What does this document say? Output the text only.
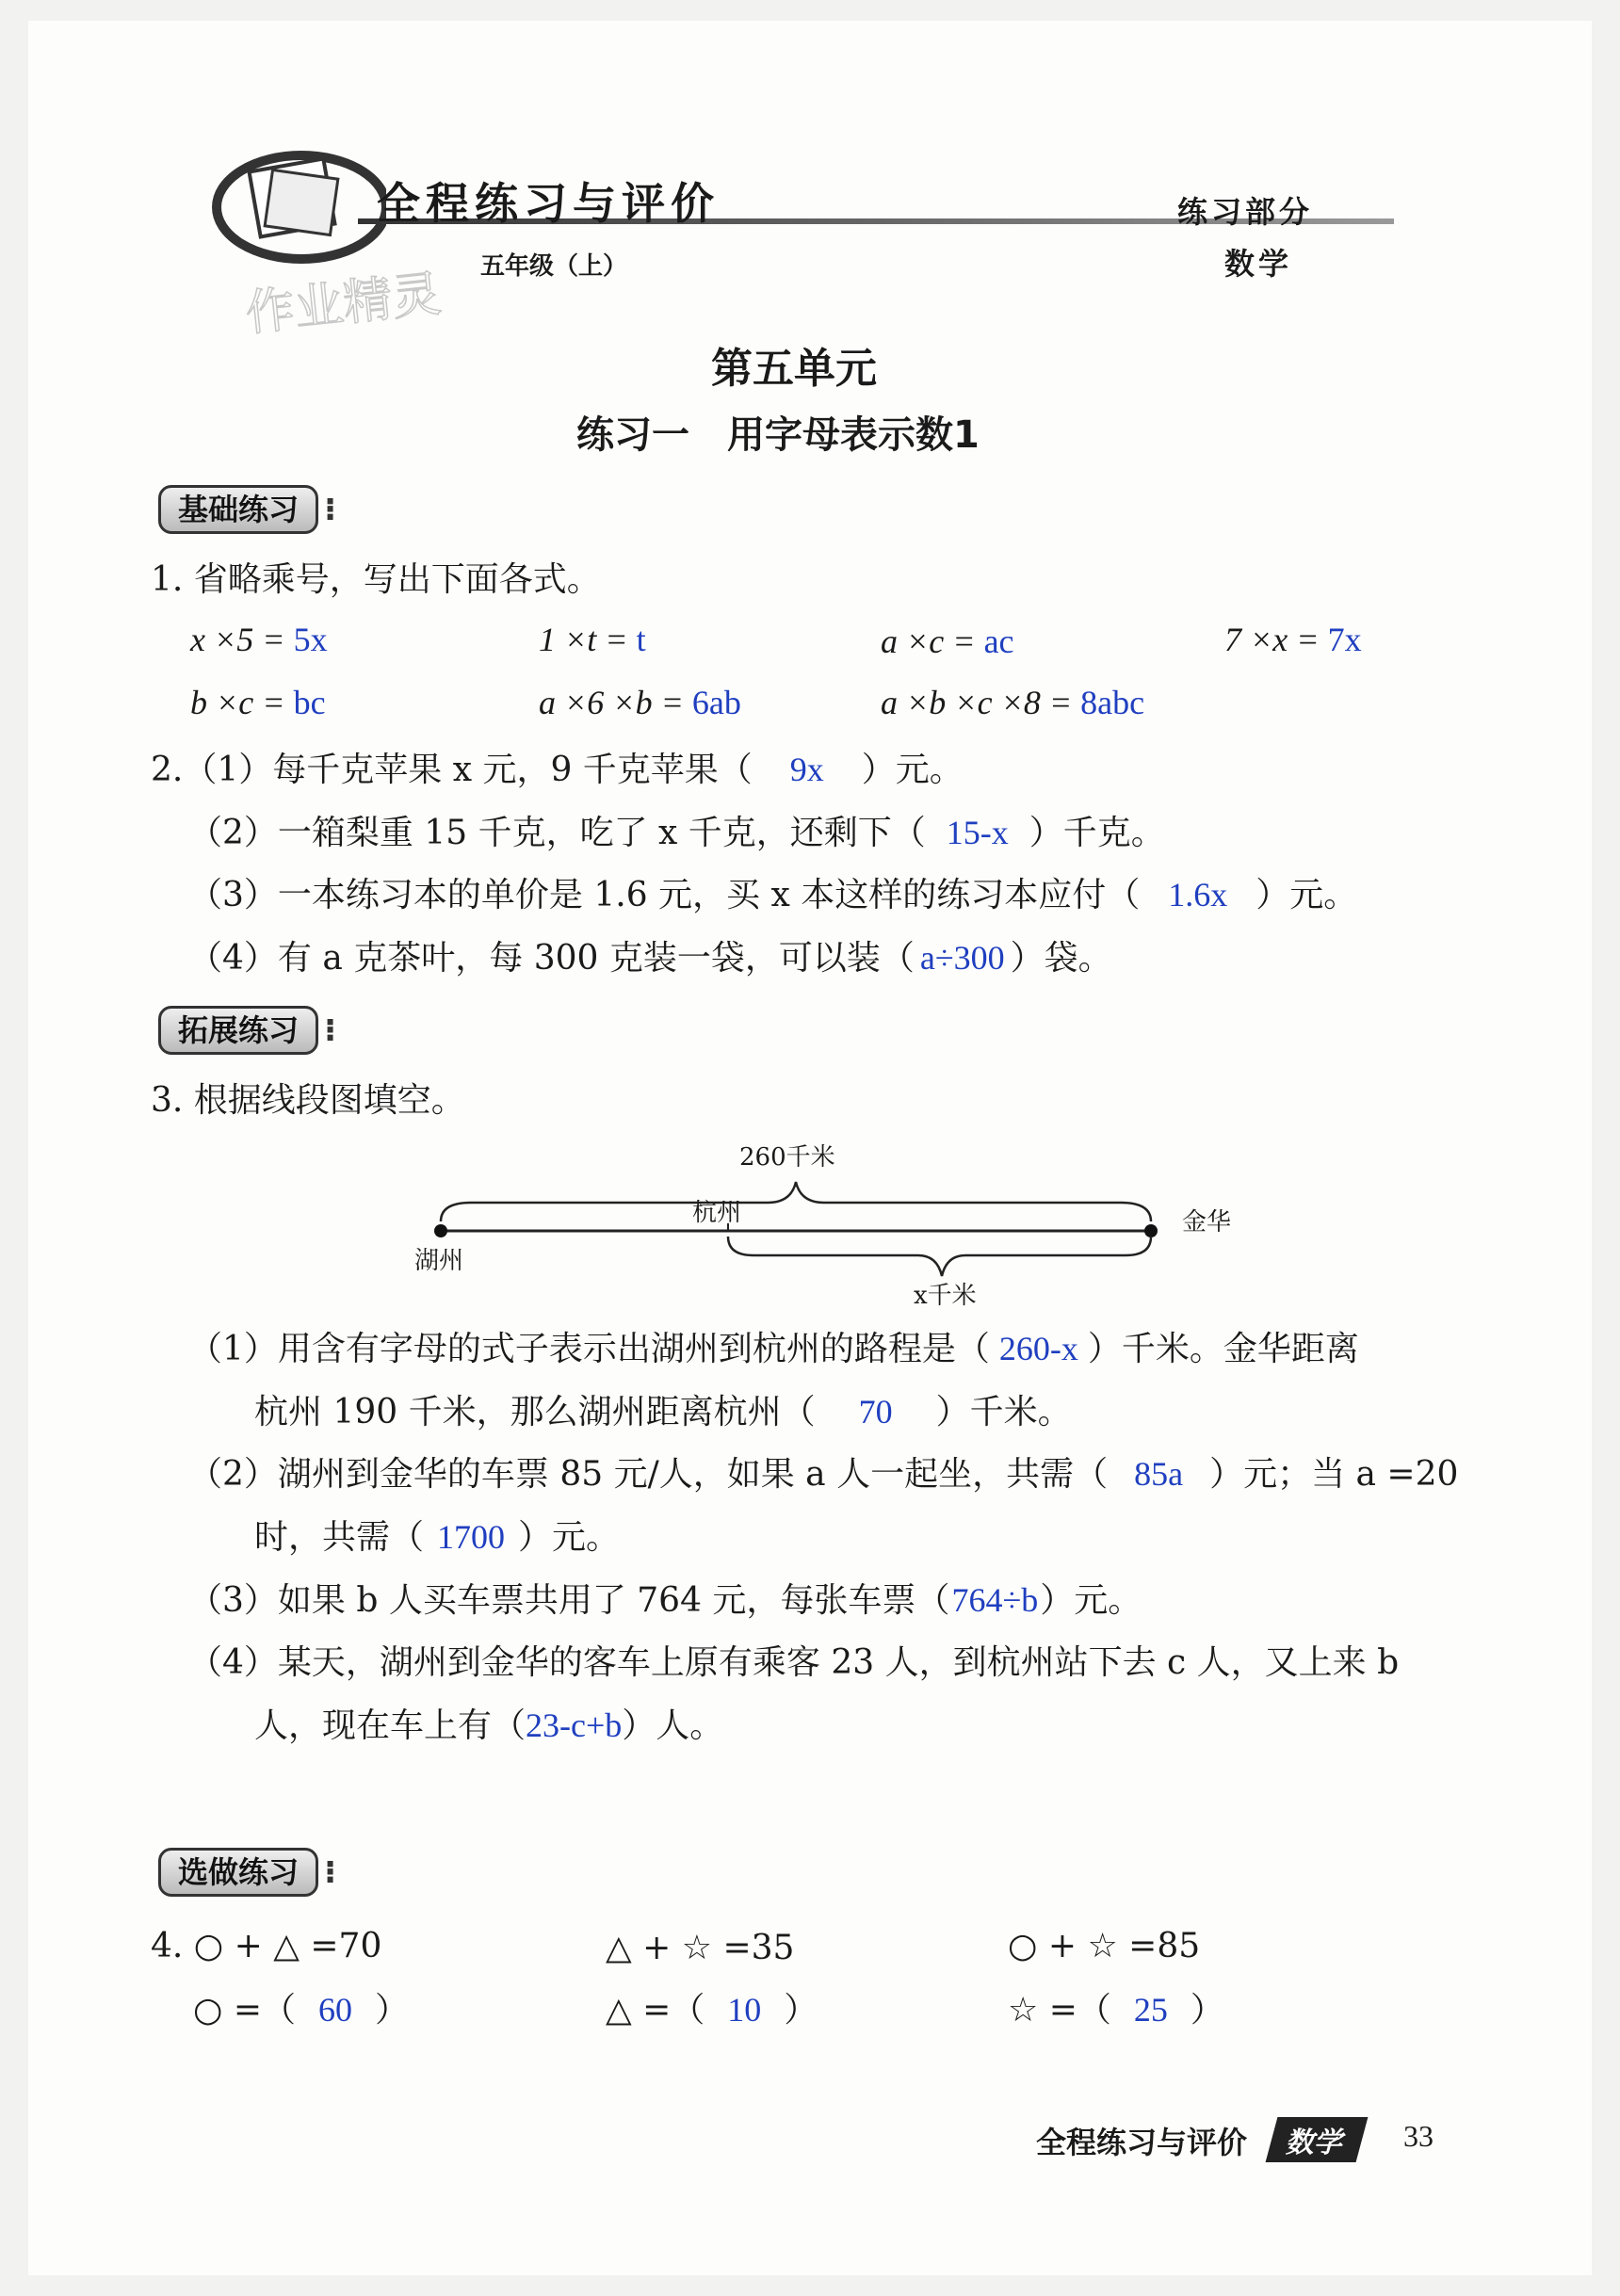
全程练习与评价
五年级（上）
练习部分
数学
作业精灵
第五单元
练习一　用字母表示数1
基础练习 ⁝
1. 省略乘号，写出下面各式。
x ×5 = 5x	1 ×t = t	a ×c = ac	7 ×x = 7x
b ×c = bc	a ×6 ×b = 6ab	a ×b ×c ×8 = 8abc
2.（1）每千克苹果 x 元，9 千克苹果（ 9x ）元。
（2）一箱梨重 15 千克，吃了 x 千克，还剩下（ 15-x ）千克。
（3）一本练习本的单价是 1.6 元，买 x 本这样的练习本应付（ 1.6x ）元。
（4）有 a 克茶叶，每 300 克装一袋，可以装（ a÷300 ）袋。
拓展练习 ⁝
3. 根据线段图填空。
260千米
杭州
湖州
金华
x千米
（1）用含有字母的式子表示出湖州到杭州的路程是（ 260-x ）千米。金华距离
杭州 190 千米，那么湖州距离杭州（ 70 ）千米。
（2）湖州到金华的车票 85 元/人，如果 a 人一起坐，共需（ 85a ）元；当 a =20
时，共需（ 1700 ）元。
（3）如果 b 人买车票共用了 764 元，每张车票（764÷b）元。
（4）某天，湖州到金华的客车上原有乘客 23 人，到杭州站下去 c 人，又上来 b
人，现在车上有（23-c+b）人。
选做练习 ⁝
4. ○ + △ =70	△ + ☆ =35	○ + ☆ =85
○ =（ 60 ）	△ =（ 10 ）	☆ =（ 25 ）
全程练习与评价	数学	33
